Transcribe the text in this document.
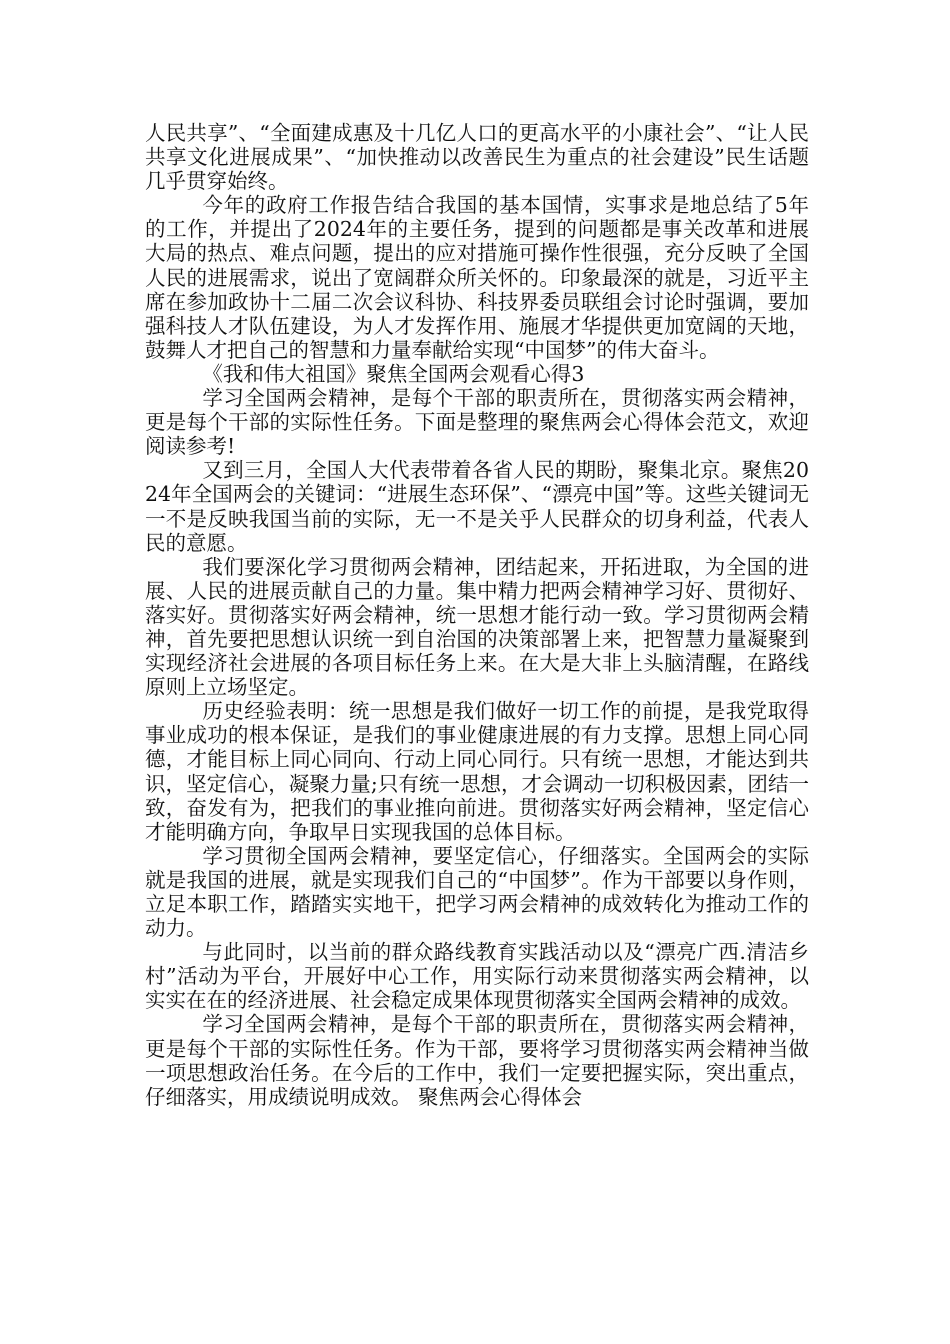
人民共享”、“全面建成惠及十几亿人口的更高水平的小康社会”、“让人民共享文化进展成果”、“加快推动以改善民生为重点的社会建设”民生话题几乎贯穿始终。

今年的政府工作报告结合我国的基本国情，实事求是地总结了5年的工作，并提出了2024年的主要任务，提到的问题都是事关改革和进展大局的热点、难点问题，提出的应对措施可操作性很强，充分反映了全国人民的进展需求，说出了宽阔群众所关怀的。印象最深的就是，习近平主席在参加政协十二届二次会议科协、科技界委员联组会讨论时强调，要加强科技人才队伍建设，为人才发挥作用、施展才华提供更加宽阔的天地，鼓舞人才把自己的智慧和力量奉献给实现“中国梦”的伟大奋斗。

《我和伟大祖国》聚焦全国两会观看心得3

学习全国两会精神，是每个干部的职责所在，贯彻落实两会精神，更是每个干部的实际性任务。下面是整理的聚焦两会心得体会范文，欢迎阅读参考!

又到三月，全国人大代表带着各省人民的期盼，聚集北京。聚焦2024年全国两会的关键词：“进展生态环保”、“漂亮中国”等。这些关键词无一不是反映我国当前的实际，无一不是关乎人民群众的切身利益，代表人民的意愿。

我们要深化学习贯彻两会精神，团结起来，开拓进取，为全国的进展、人民的进展贡献自己的力量。集中精力把两会精神学习好、贯彻好、落实好。贯彻落实好两会精神，统一思想才能行动一致。学习贯彻两会精神，首先要把思想认识统一到自治国的决策部署上来，把智慧力量凝聚到实现经济社会进展的各项目标任务上来。在大是大非上头脑清醒，在路线原则上立场坚定。

历史经验表明：统一思想是我们做好一切工作的前提，是我党取得事业成功的根本保证，是我们的事业健康进展的有力支撑。思想上同心同德，才能目标上同心同向、行动上同心同行。只有统一思想，才能达到共识，坚定信心，凝聚力量;只有统一思想，才会调动一切积极因素，团结一致，奋发有为，把我们的事业推向前进。贯彻落实好两会精神，坚定信心才能明确方向，争取早日实现我国的总体目标。

学习贯彻全国两会精神，要坚定信心，仔细落实。全国两会的实际就是我国的进展，就是实现我们自己的“中国梦”。作为干部要以身作则，立足本职工作，踏踏实实地干，把学习两会精神的成效转化为推动工作的动力。

与此同时，以当前的群众路线教育实践活动以及“漂亮广西.清洁乡村”活动为平台，开展好中心工作，用实际行动来贯彻落实两会精神，以实实在在的经济进展、社会稳定成果体现贯彻落实全国两会精神的成效。

学习全国两会精神，是每个干部的职责所在，贯彻落实两会精神，更是每个干部的实际性任务。作为干部，要将学习贯彻落实两会精神当做一项思想政治任务。在今后的工作中，我们一定要把握实际，突出重点，仔细落实，用成绩说明成效。 聚焦两会心得体会
